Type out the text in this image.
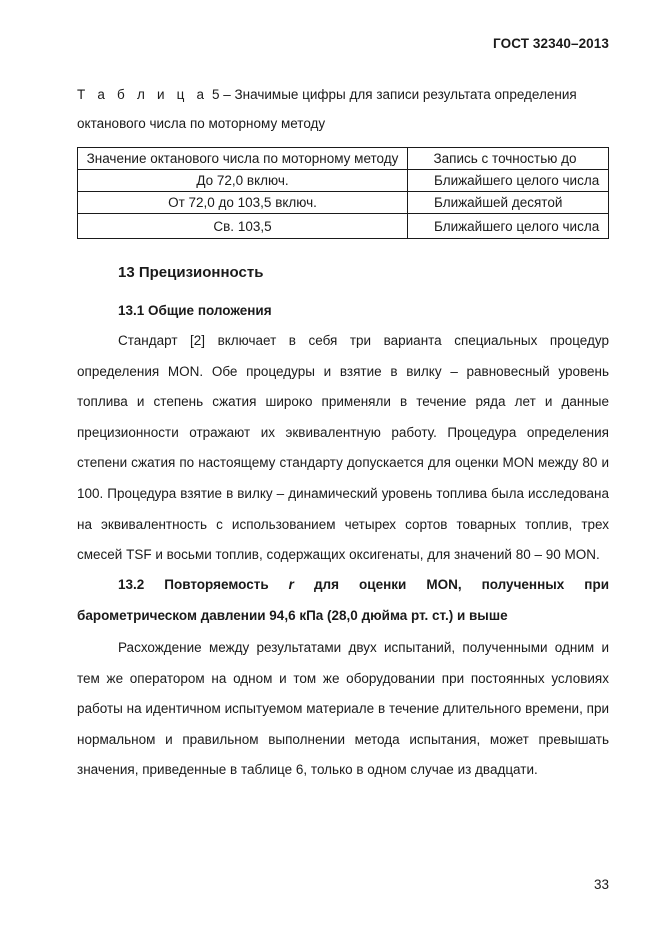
ГОСТ 32340–2013
Т а б л и ц а 5 – Значимые цифры для записи результата определения октанового числа по моторному методу
Значение октанового числа по моторному методу	Запись с точностью до
До 72,0 включ.	Ближайшего целого числа
От 72,0 до 103,5 включ.	Ближайшей десятой
Св. 103,5	Ближайшего целого числа
13 Прецизионность
13.1 Общие положения

Стандарт [2] включает в себя три варианта специальных процедур определения MON. Обе процедуры и взятие в вилку – равновесный уровень топлива и степень сжатия широко применяли в течение ряда лет и данные прецизионности отражают их эквивалентную работу. Процедура определения степени сжатия по настоящему стандарту допускается для оценки MON между 80 и 100. Процедура взятие в вилку – динамический уровень топлива была исследована на эквивалентность с использованием четырех сортов товарных топлив, трех смесей TSF и восьми топлив, содержащих оксигенаты, для значений 80 – 90 MON.

13.2 Повторяемость r для оценки MON, полученных при барометрическом давлении 94,6 кПа (28,0 дюйма рт. ст.) и выше

Расхождение между результатами двух испытаний, полученными одним и тем же оператором на одном и том же оборудовании при постоянных условиях работы на идентичном испытуемом материале в течение длительного времени, при нормальном и правильном выполнении метода испытания, может превышать значения, приведенные в таблице 6, только в одном случае из двадцати.

33
